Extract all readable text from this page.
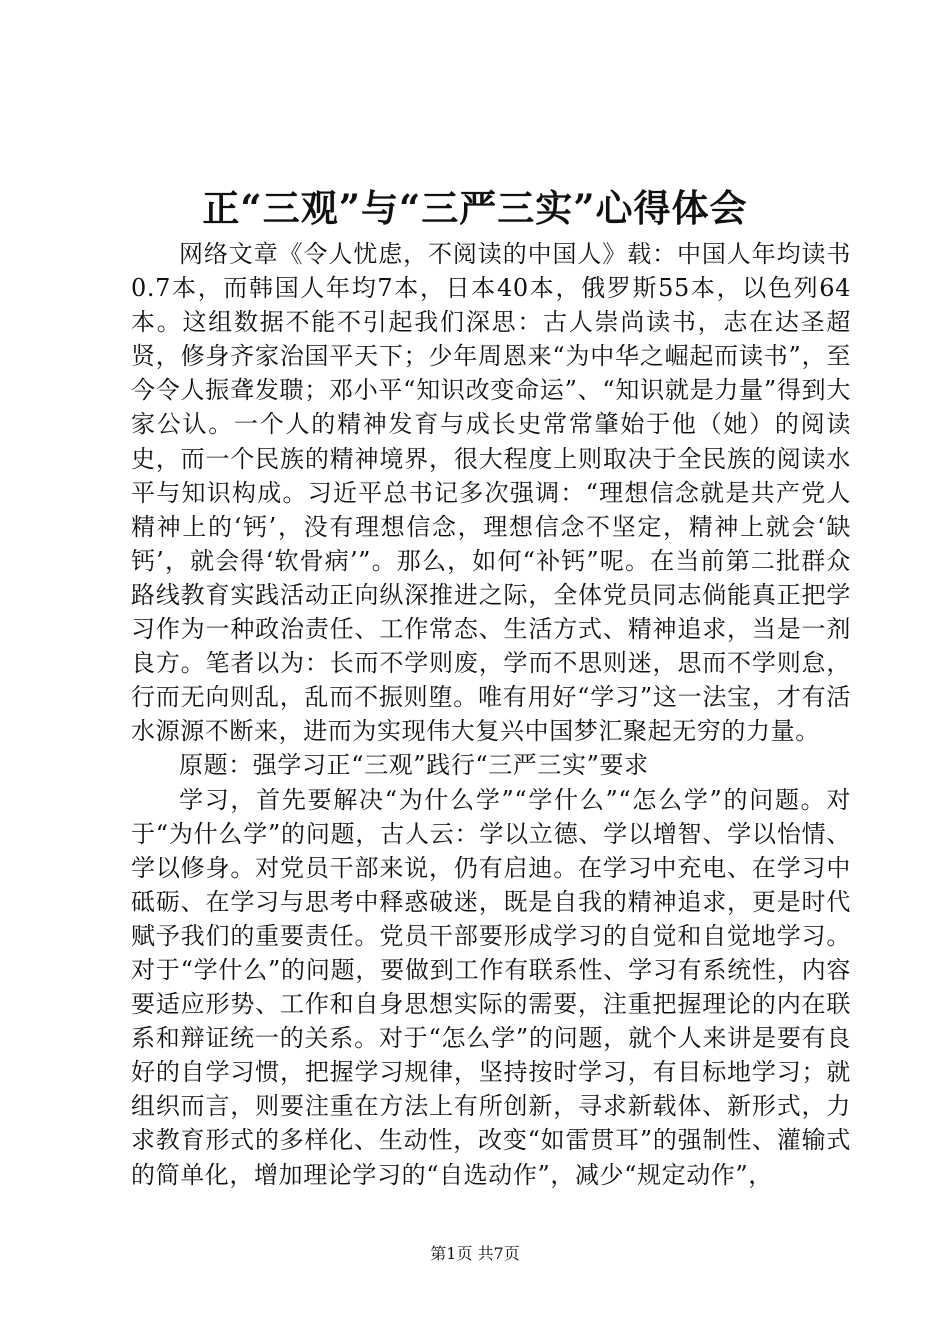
正“三观”与“三严三实”心得体会

网络文章《令人忧虑，不阅读的中国人》载：中国人年均读书0.7本，而韩国人年均7本，日本40本，俄罗斯55本，以色列64本。这组数据不能不引起我们深思：古人崇尚读书，志在达圣超贤，修身齐家治国平天下；少年周恩来“为中华之崛起而读书”，至今令人振聋发聩；邓小平“知识改变命运”、“知识就是力量”得到大家公认。一个人的精神发育与成长史常常肇始于他（她）的阅读史，而一个民族的精神境界，很大程度上则取决于全民族的阅读水平与知识构成。习近平总书记多次强调：“理想信念就是共产党人精神上的‘钙’，没有理想信念，理想信念不坚定，精神上就会‘缺钙’，就会得‘软骨病’”。那么，如何“补钙”呢。在当前第二批群众路线教育实践活动正向纵深推进之际，全体党员同志倘能真正把学习作为一种政治责任、工作常态、生活方式、精神追求，当是一剂良方。笔者以为：长而不学则废，学而不思则迷，思而不学则怠，行而无向则乱，乱而不振则堕。唯有用好“学习”这一法宝，才有活水源源不断来，进而为实现伟大复兴中国梦汇聚起无穷的力量。

原题：强学习正“三观”践行“三严三实”要求

学习，首先要解决“为什么学”“学什么”“怎么学”的问题。对于“为什么学”的问题，古人云：学以立德、学以增智、学以怡情、学以修身。对党员干部来说，仍有启迪。在学习中充电、在学习中砥砺、在学习与思考中释惑破迷，既是自我的精神追求，更是时代赋予我们的重要责任。党员干部要形成学习的自觉和自觉地学习。对于“学什么”的问题，要做到工作有联系性、学习有系统性，内容要适应形势、工作和自身思想实际的需要，注重把握理论的内在联系和辩证统一的关系。对于“怎么学”的问题，就个人来讲是要有良好的自学习惯，把握学习规律，坚持按时学习，有目标地学习；就组织而言，则要注重在方法上有所创新，寻求新载体、新形式，力求教育形式的多样化、生动性，改变“如雷贯耳”的强制性、灌输式的简单化，增加理论学习的“自选动作”，减少“规定动作”，

第1页 共7页
